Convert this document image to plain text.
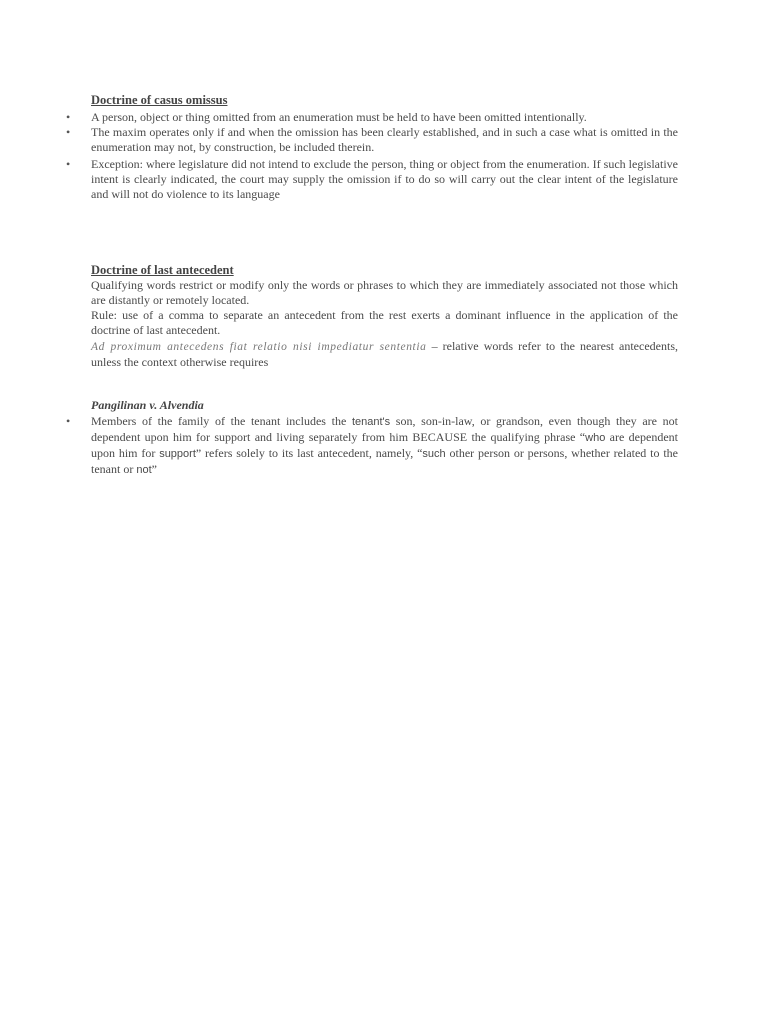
Doctrine of casus omissus
• A person, object or thing omitted from an enumeration must be held to have been omitted intentionally.
• The maxim operates only if and when the omission has been clearly established, and in such a case what is omitted in the enumeration may not, by construction, be included therein.
• Exception: where legislature did not intend to exclude the person, thing or object from the enumeration. If such legislative intent is clearly indicated, the court may supply the omission if to do so will carry out the clear intent of the legislature and will not do violence to its language
Doctrine of last antecedent

Qualifying words restrict or modify only the words or phrases to which they are immediately associated not those which are distantly or remotely located.

Rule: use of a comma to separate an antecedent from the rest exerts a dominant influence in the application of the doctrine of last antecedent.

Ad proximum antecedens fiat relatio nisi impediatur sententia – relative words refer to the nearest antecedents, unless the context otherwise requires

Pangilinan v. Alvendia
• Members of the family of the tenant includes the tenant's son, son-in-law, or grandson, even though they are not dependent upon him for support and living separately from him BECAUSE the qualifying phrase “who are dependent upon him for support” refers solely to its last antecedent, namely, “such other person or persons, whether related to the tenant or not”
